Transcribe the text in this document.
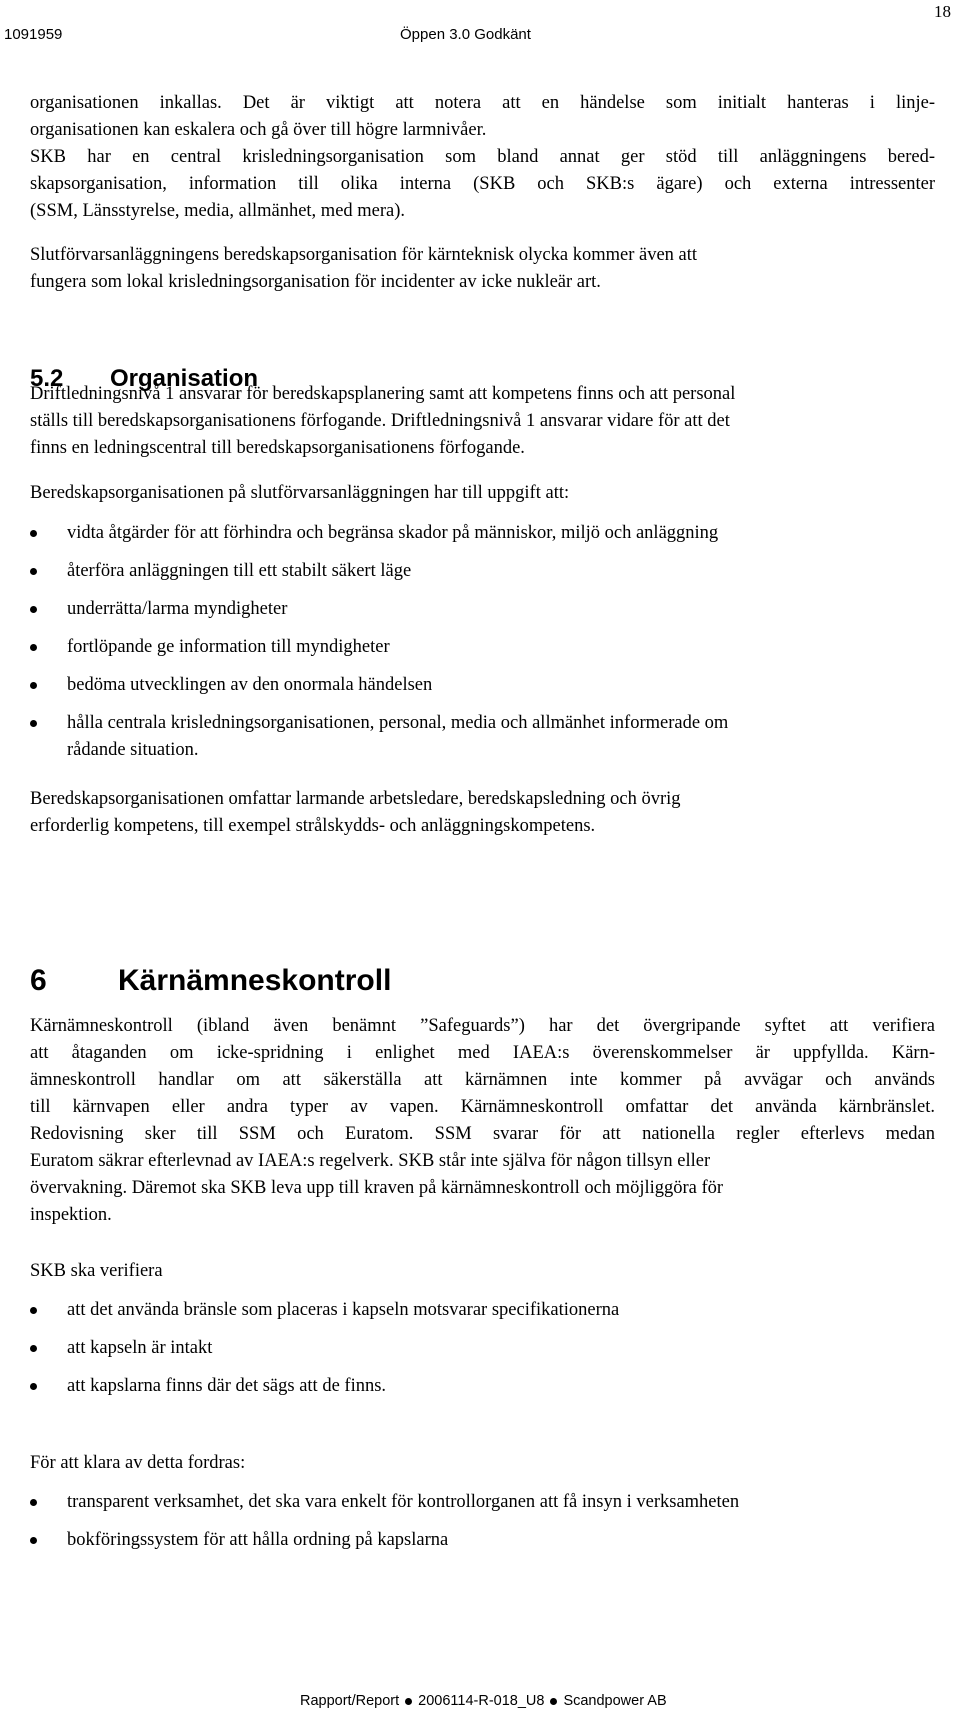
1091959	Öppen 3.0 Godkänt
18

organisationen inkallas. Det är viktigt att notera att en händelse som initialt hanteras i linje-
organisationen kan eskalera och gå över till högre larmnivåer.

SKB har en central krisledningsorganisation som bland annat ger stöd till anläggningens bered-
skapsorganisation, information till olika interna (SKB och SKB:s ägare) och externa intressenter
(SSM, Länsstyrelse, media, allmänhet, med mera).

Slutförvarsanläggningens beredskapsorganisation för kärnteknisk olycka kommer även att
fungera som lokal krisledningsorganisation för incidenter av icke nukleär art.

5.2 Organisation

Driftledningsnivå 1 ansvarar för beredskapsplanering samt att kompetens finns och att personal
ställs till beredskapsorganisationens förfogande. Driftledningsnivå 1 ansvarar vidare för att det
finns en ledningscentral till beredskapsorganisationens förfogande.

Beredskapsorganisationen på slutförvarsanläggningen har till uppgift att:

vidta åtgärder för att förhindra och begränsa skador på människor, miljö och anläggning
återföra anläggningen till ett stabilt säkert läge
underrätta/larma myndigheter
fortlöpande ge information till myndigheter
bedöma utvecklingen av den onormala händelsen
hålla centrala krisledningsorganisationen, personal, media och allmänhet informerade om
rådande situation.

Beredskapsorganisationen omfattar larmande arbetsledare, beredskapsledning och övrig
erforderlig kompetens, till exempel strålskydds- och anläggningskompetens.

6 Kärnämneskontroll

Kärnämneskontroll (ibland även benämnt ”Safeguards”) har det övergripande syftet att verifiera
att åtaganden om icke-spridning i enlighet med IAEA:s överenskommelser är uppfyllda. Kärn-
ämneskontroll handlar om att säkerställa att kärnämnen inte kommer på avvägar och används
till kärnvapen eller andra typer av vapen. Kärnämneskontroll omfattar det använda kärnbränslet.
Redovisning sker till SSM och Euratom. SSM svarar för att nationella regler efterlevs medan
Euratom säkrar efterlevnad av IAEA:s regelverk. SKB står inte själva för någon tillsyn eller
övervakning. Däremot ska SKB leva upp till kraven på kärnämneskontroll och möjliggöra för
inspektion.

SKB ska verifiera

att det använda bränsle som placeras i kapseln motsvarar specifikationerna
att kapseln är intakt
att kapslarna finns där det sägs att de finns.

För att klara av detta fordras:

transparent verksamhet, det ska vara enkelt för kontrollorganen att få insyn i verksamheten
bokföringssystem för att hålla ordning på kapslarna
Rapport/Report 2006114-R-018_U8 Scandpower AB
